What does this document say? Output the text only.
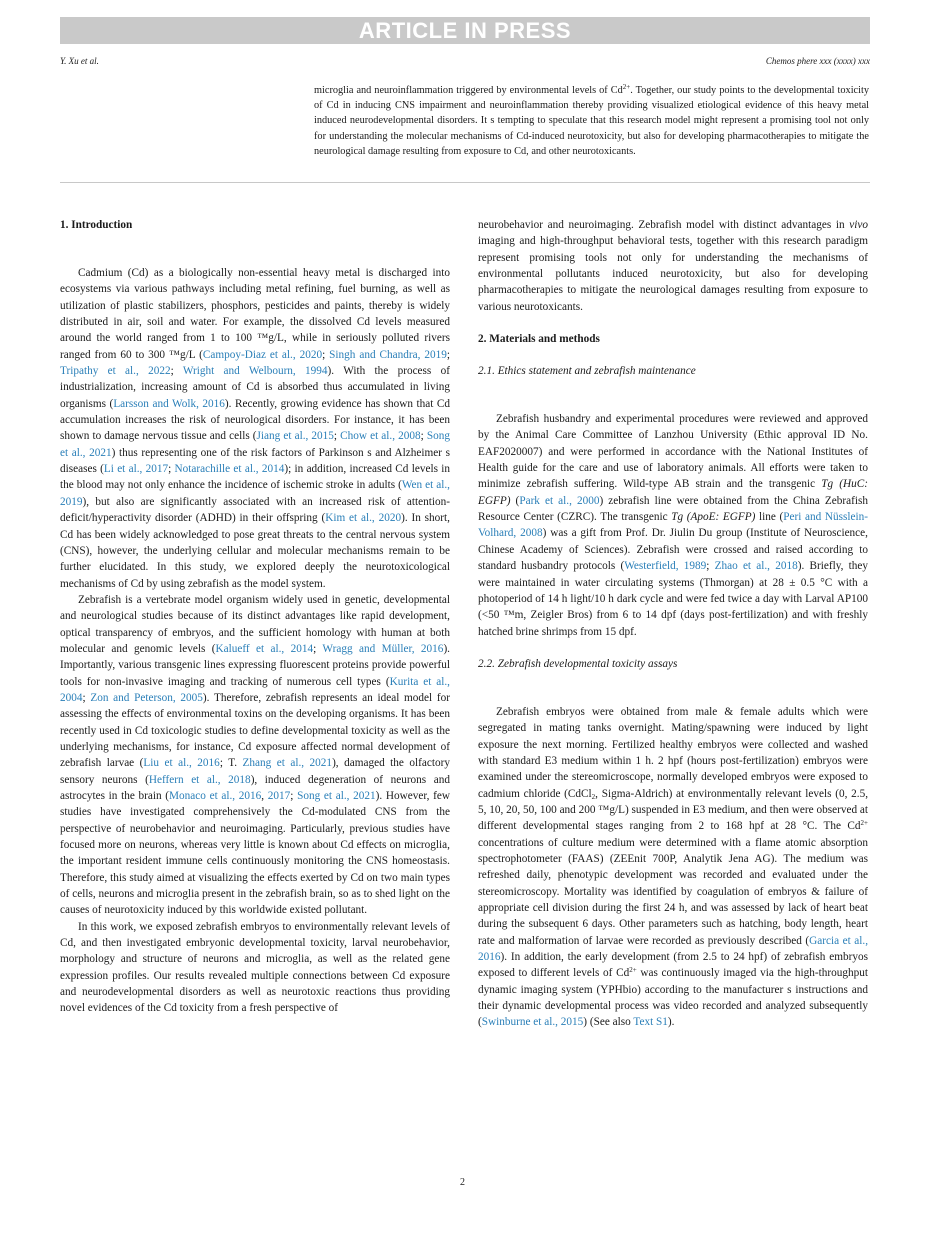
ARTICLE IN PRESS
Y. Xu et al.	Chemos phere xxx (xxxx) xxx

microglia and neuroinflammation triggered by environmental levels of $Cd^{2+}$. Together, our study points to the developmental toxicity of Cd in inducing CNS impairment and neuroinflammation thereby providing visualized etiological evidence of this heavy metal induced neurodevelopmental disorders. It s tempting to speculate that this research model might represent a promising tool not only for understanding the molecular mechanisms of Cd-induced neurotoxicity, but also for developing pharmacotherapies to mitigate the neurological damage resulting from exposure to Cd, and other neurotoxicants.

1. Introduction

Cadmium (Cd) as a biologically non-essential heavy metal is discharged into ecosystems via various pathways including metal refining, fuel burning, as well as utilization of plastic stabilizers, phosphors, pesticides and paints, thereby is widely distributed in air, soil and water. For example, the dissolved Cd levels measured around the world ranged from 1 to 100 ™g/L, while in seriously polluted rivers ranged from 60 to 300 ™g/L (Campoy-Diaz et al., 2020; Singh and Chandra, 2019; Tripathy et al., 2022; Wright and Welbourn, 1994). With the process of industrialization, increasing amount of Cd is absorbed thus accumulated in living organisms (Larsson and Wolk, 2016). Recently, growing evidence has shown that Cd accumulation increases the risk of neurological disorders. For instance, it has been shown to damage nervous tissue and cells (Jiang et al., 2015; Chow et al., 2008; Song et al., 2021) thus representing one of the risk factors of Parkinson s and Alzheimer s diseases (Li et al., 2017; Notarachille et al., 2014); in addition, increased Cd levels in the blood may not only enhance the incidence of ischemic stroke in adults (Wen et al., 2019), but also are significantly associated with an increased risk of attention-deficit/hyperactivity disorder (ADHD) in their offspring (Kim et al., 2020). In short, Cd has been widely acknowledged to pose great threats to the central nervous system (CNS), however, the underlying cellular and molecular mechanisms remain to be further elucidated. In this study, we explored deeply the neurotoxicological mechanisms of Cd by using zebrafish as the model system.

Zebrafish is a vertebrate model organism widely used in genetic, developmental and neurological studies because of its distinct advantages like rapid development, optical transparency of embryos, and the sufficient homology with human at both molecular and genomic levels (Kalueff et al., 2014; Wragg and Müller, 2016). Importantly, various transgenic lines expressing fluorescent proteins provide powerful tools for non-invasive imaging and tracking of numerous cell types (Kurita et al., 2004; Zon and Peterson, 2005). Therefore, zebrafish represents an ideal model for assessing the effects of environmental toxins on the developing organisms. It has been recently used in Cd toxicologic studies to define developmental toxicity as well as the underlying mechanisms, for instance, Cd exposure affected normal development of zebrafish larvae (Liu et al., 2016; T. Zhang et al., 2021), damaged the olfactory sensory neurons (Heffern et al., 2018), induced degeneration of neurons and astrocytes in the brain (Monaco et al., 2016, 2017; Song et al., 2021). However, few studies have investigated comprehensively the Cd-modulated CNS from the perspective of neurobehavior and neuroimaging. Particularly, previous studies have focused more on neurons, whereas very little is known about Cd effects on microglia, the important resident immune cells continuously monitoring the CNS homeostasis. Therefore, this study aimed at visualizing the effects exerted by Cd on two main types of cells, neurons and microglia present in the zebrafish brain, so as to shed light on the causes of neurotoxicity induced by this worldwide existed pollutant.

In this work, we exposed zebrafish embryos to environmentally relevant levels of Cd, and then investigated embryonic developmental toxicity, larval neurobehavior, morphology and structure of neurons and microglia, as well as the related gene expression profiles. Our results revealed multiple connections between Cd exposure and neurodevelopmental disorders as well as neurotoxic reactions thus providing novel evidences of the Cd toxicity from a fresh perspective of

neurobehavior and neuroimaging. Zebrafish model with distinct advantages in vivo imaging and high-throughput behavioral tests, together with this research paradigm represent promising tools not only for understanding the mechanisms of environmental pollutants induced neurotoxicity, but also for developing pharmacotherapies to mitigate the neurological damages resulting from exposure to various neurotoxicants.

2. Materials and methods
2.1. Ethics statement and zebrafish maintenance

Zebrafish husbandry and experimental procedures were reviewed and approved by the Animal Care Committee of Lanzhou University (Ethic approval ID No. EAF2020007) and were performed in accordance with the National Institutes of Health guide for the care and use of laboratory animals. All efforts were taken to minimize zebrafish suffering. Wild-type AB strain and the transgenic Tg (HuC: EGFP) (Park et al., 2000) zebrafish line were obtained from the China Zebrafish Resource Center (CZRC). The transgenic Tg (ApoE: EGFP) line (Peri and Nüsslein-Volhard, 2008) was a gift from Prof. Dr. Jiulin Du group (Institute of Neuroscience, Chinese Academy of Sciences). Zebrafish were crossed and raised according to standard husbandry protocols (Westerfield, 1989; Zhao et al., 2018). Briefly, they were maintained in water circulating systems (Thmorgan) at 28 ± 0.5 °C with a photoperiod of 14 h light/10 h dark cycle and were fed twice a day with Larval AP100 (<50 ™m, Zeigler Bros) from 6 to 14 dpf (days post-fertilization) and with freshly hatched brine shrimps from 15 dpf.

2.2. Zebrafish developmental toxicity assays

Zebrafish embryos were obtained from male & female adults which were segregated in mating tanks overnight. Mating/spawning were induced by light exposure the next morning. Fertilized healthy embryos were collected and washed with standard E3 medium within 1 h. 2 hpf (hours post-fertilization) embryos were examined under the stereomicroscope, normally developed embryos were exposed to cadmium chloride (CdCl$_2$, Sigma-Aldrich) at environmentally relevant levels (0, 2.5, 5, 10, 20, 50, 100 and 200 ™g/L) suspended in E3 medium, and then were observed at different developmental stages ranging from 2 to 168 hpf at 28 °C. The $Cd^{2+}$ concentrations of culture medium were determined with a flame atomic absorption spectrophotometer (FAAS) (ZEEnit 700P, Analytik Jena AG). The medium was refreshed daily, phenotypic development was recorded and evaluated under the stereomicroscopy. Mortality was identified by coagulation of embryos & failure of appropriate cell division during the first 24 h, and was assessed by lack of heart beat during the subsequent 6 days. Other parameters such as hatching, body length, heart rate and malformation of larvae were recorded as previously described (Garcia et al., 2016). In addition, the early development (from 2.5 to 24 hpf) of zebrafish embryos exposed to different levels of $Cd^{2+}$ was continuously imaged via the high-throughput dynamic imaging system (YPHbio) according to the manufacturer s instructions and their dynamic developmental process was video recorded and analyzed subsequently (Swinburne et al., 2015) (See also Text S1).

2
